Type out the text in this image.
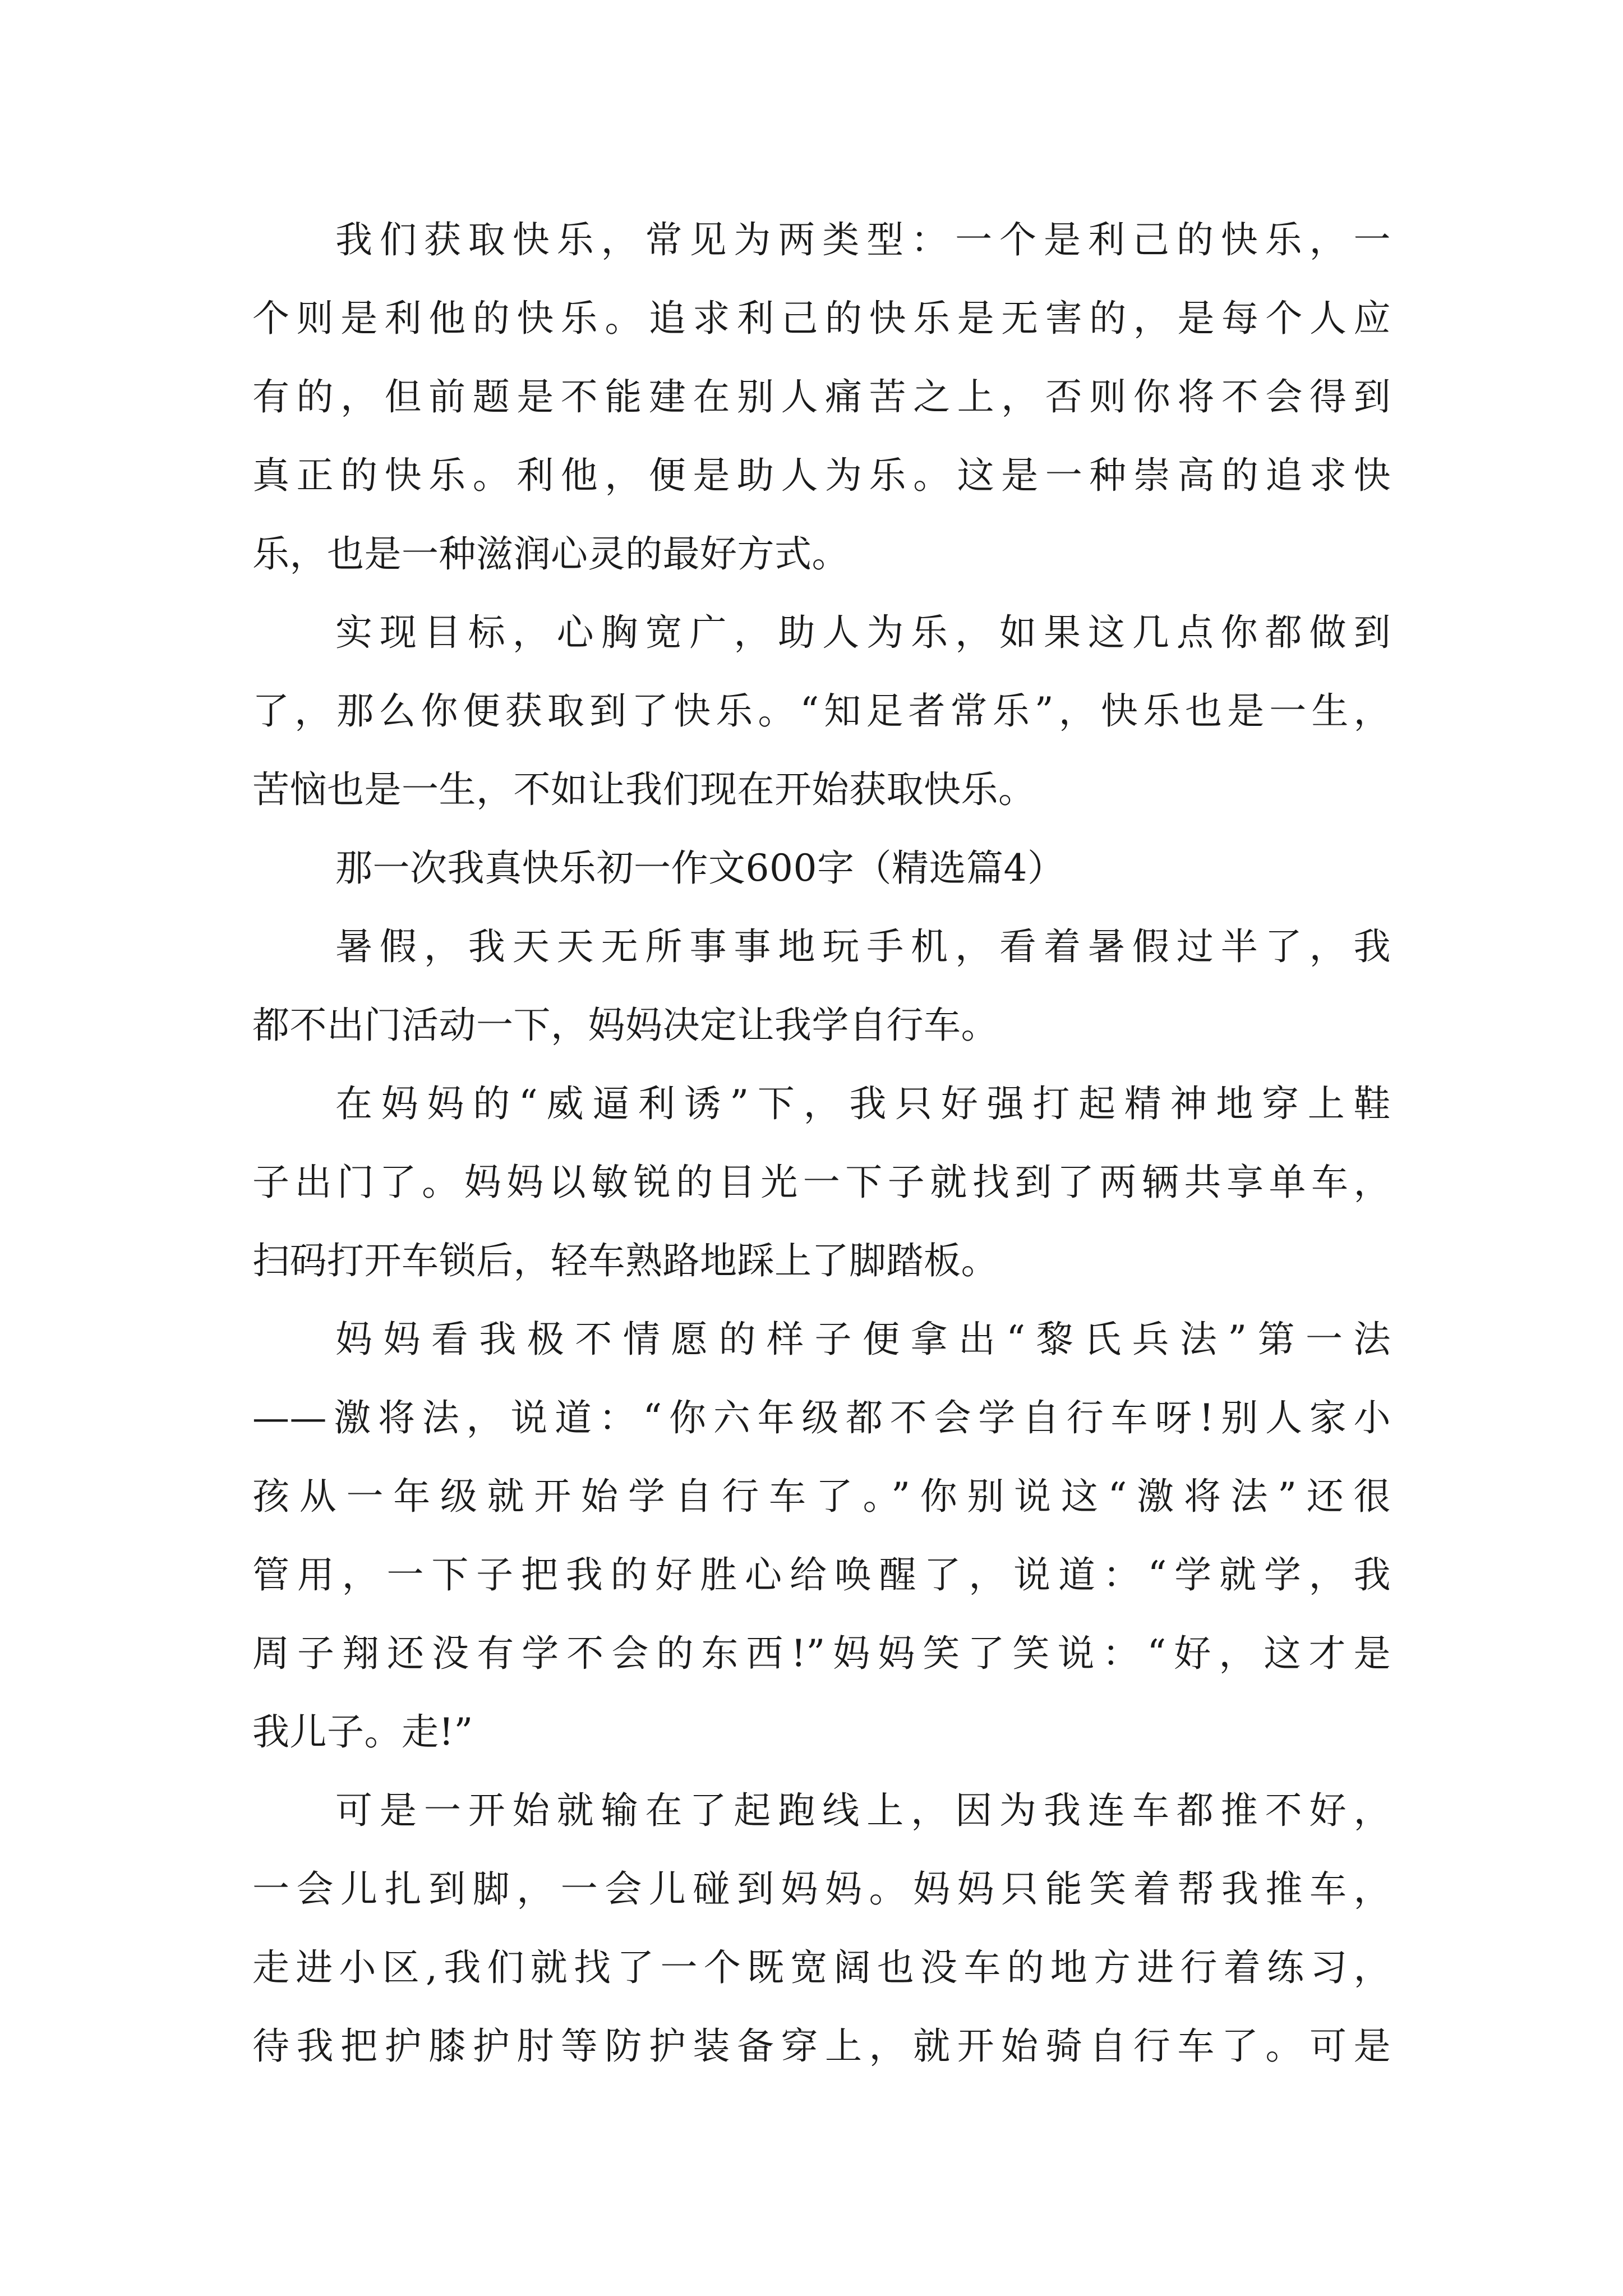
我们获取快乐，常见为两类型：一个是利己的快乐，一
个则是利他的快乐。追求利己的快乐是无害的，是每个人应
有的，但前题是不能建在别人痛苦之上，否则你将不会得到
真正的快乐。利他，便是助人为乐。这是一种崇高的追求快
乐，也是一种滋润心灵的最好方式。
实现目标，心胸宽广，助人为乐，如果这几点你都做到
了，那么你便获取到了快乐。“知足者常乐”，快乐也是一生，
苦恼也是一生，不如让我们现在开始获取快乐。
那一次我真快乐初一作文600字（精选篇4）
暑假，我天天无所事事地玩手机，看着暑假过半了，我
都不出门活动一下，妈妈决定让我学自行车。
在妈妈的“威逼利诱”下，我只好强打起精神地穿上鞋
子出门了。妈妈以敏锐的目光一下子就找到了两辆共享单车，
扫码打开车锁后，轻车熟路地踩上了脚踏板。
妈妈看我极不情愿的样子便拿出“黎氏兵法”第一法
——激将法，说道：“你六年级都不会学自行车呀!别人家小
孩从一年级就开始学自行车了。”你别说这“激将法”还很
管用，一下子把我的好胜心给唤醒了，说道：“学就学，我
周子翔还没有学不会的东西!”妈妈笑了笑说：“好，这才是
我儿子。走!”
可是一开始就输在了起跑线上，因为我连车都推不好，
一会儿扎到脚，一会儿碰到妈妈。妈妈只能笑着帮我推车，
走进小区,我们就找了一个既宽阔也没车的地方进行着练习，
待我把护膝护肘等防护装备穿上，就开始骑自行车了。可是
